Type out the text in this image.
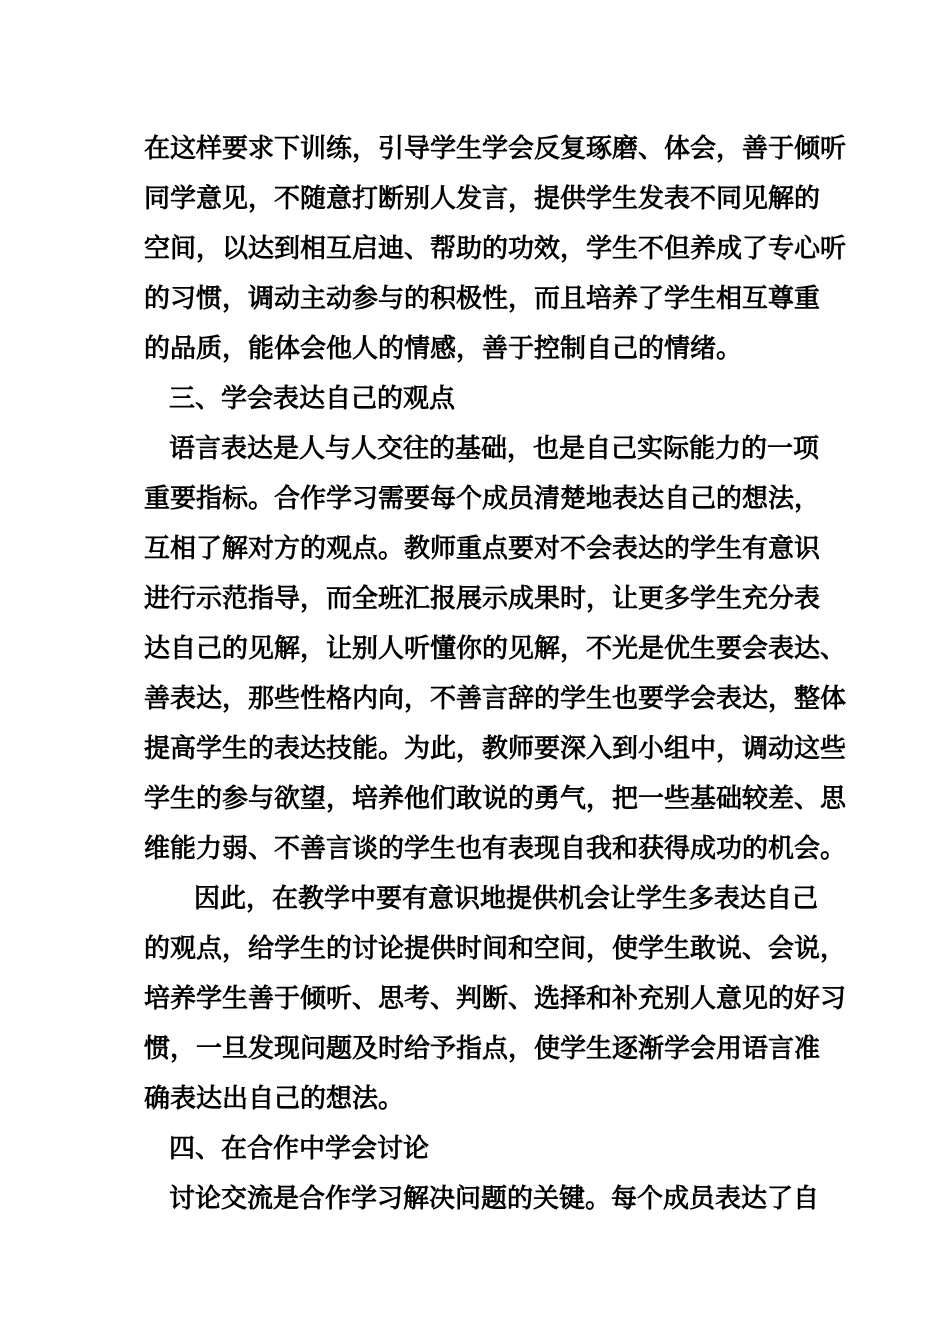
在这样要求下训练，引导学生学会反复琢磨、体会，善于倾听
同学意见，不随意打断别人发言，提供学生发表不同见解的
空间，以达到相互启迪、帮助的功效，学生不但养成了专心听
的习惯，调动主动参与的积极性，而且培养了学生相互尊重
的品质，能体会他人的情感，善于控制自己的情绪。
三、学会表达自己的观点
语言表达是人与人交往的基础，也是自己实际能力的一项
重要指标。合作学习需要每个成员清楚地表达自己的想法，
互相了解对方的观点。教师重点要对不会表达的学生有意识
进行示范指导，而全班汇报展示成果时，让更多学生充分表
达自己的见解，让别人听懂你的见解，不光是优生要会表达、
善表达，那些性格内向，不善言辞的学生也要学会表达，整体
提高学生的表达技能。为此，教师要深入到小组中，调动这些
学生的参与欲望，培养他们敢说的勇气，把一些基础较差、思
维能力弱、不善言谈的学生也有表现自我和获得成功的机会。
因此，在教学中要有意识地提供机会让学生多表达自己
的观点，给学生的讨论提供时间和空间，使学生敢说、会说，
培养学生善于倾听、思考、判断、选择和补充别人意见的好习
惯，一旦发现问题及时给予指点，使学生逐渐学会用语言准
确表达出自己的想法。
四、在合作中学会讨论
讨论交流是合作学习解决问题的关键。每个成员表达了自
